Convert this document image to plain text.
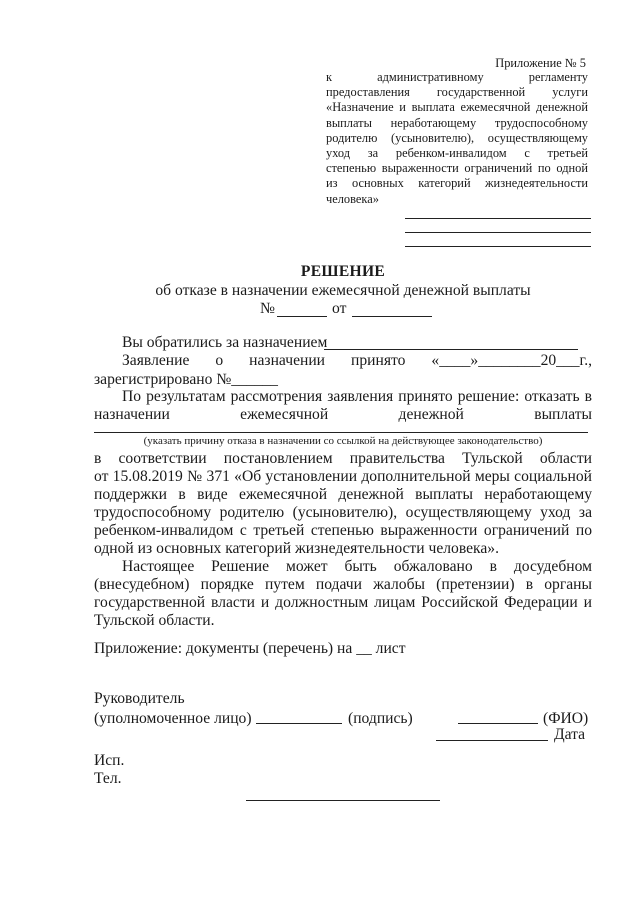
Приложение № 5
к административному регламенту
предоставления государственной услуги
«Назначение и выплата ежемесячной денежной
выплаты неработающему трудоспособному
родителю (усыновителю), осуществляющему
уход за ребенком-инвалидом с третьей
степенью выраженности ограничений по одной
из основных категорий жизнедеятельности
человека»
РЕШЕНИЕ
об отказе в назначении ежемесячной денежной выплаты
№	от
Вы обратились за назначением
Заявление о назначении принято «____»________20___г.,
зарегистрировано №______
По результатам рассмотрения заявления принято решение: отказать в
назначении ежемесячной денежной выплаты
(указать причину отказа в назначении со ссылкой на действующее законодательство)
в соответствии постановлением правительства Тульской области
от 15.08.2019 № 371 «Об установлении дополнительной меры социальной
поддержки в виде ежемесячной денежной выплаты неработающему
трудоспособному родителю (усыновителю), осуществляющему уход за
ребенком-инвалидом с третьей степенью выраженности ограничений по
одной из основных категорий жизнедеятельности человека».
Настоящее Решение может быть обжаловано в досудебном
(внесудебном) порядке путем подачи жалобы (претензии) в органы
государственной власти и должностным лицам Российской Федерации и
Тульской области.
Приложение: документы (перечень) на __ лист
Руководитель
(уполномоченное лицо)	(подпись)	(ФИО)
Дата
Исп.
Тел.
